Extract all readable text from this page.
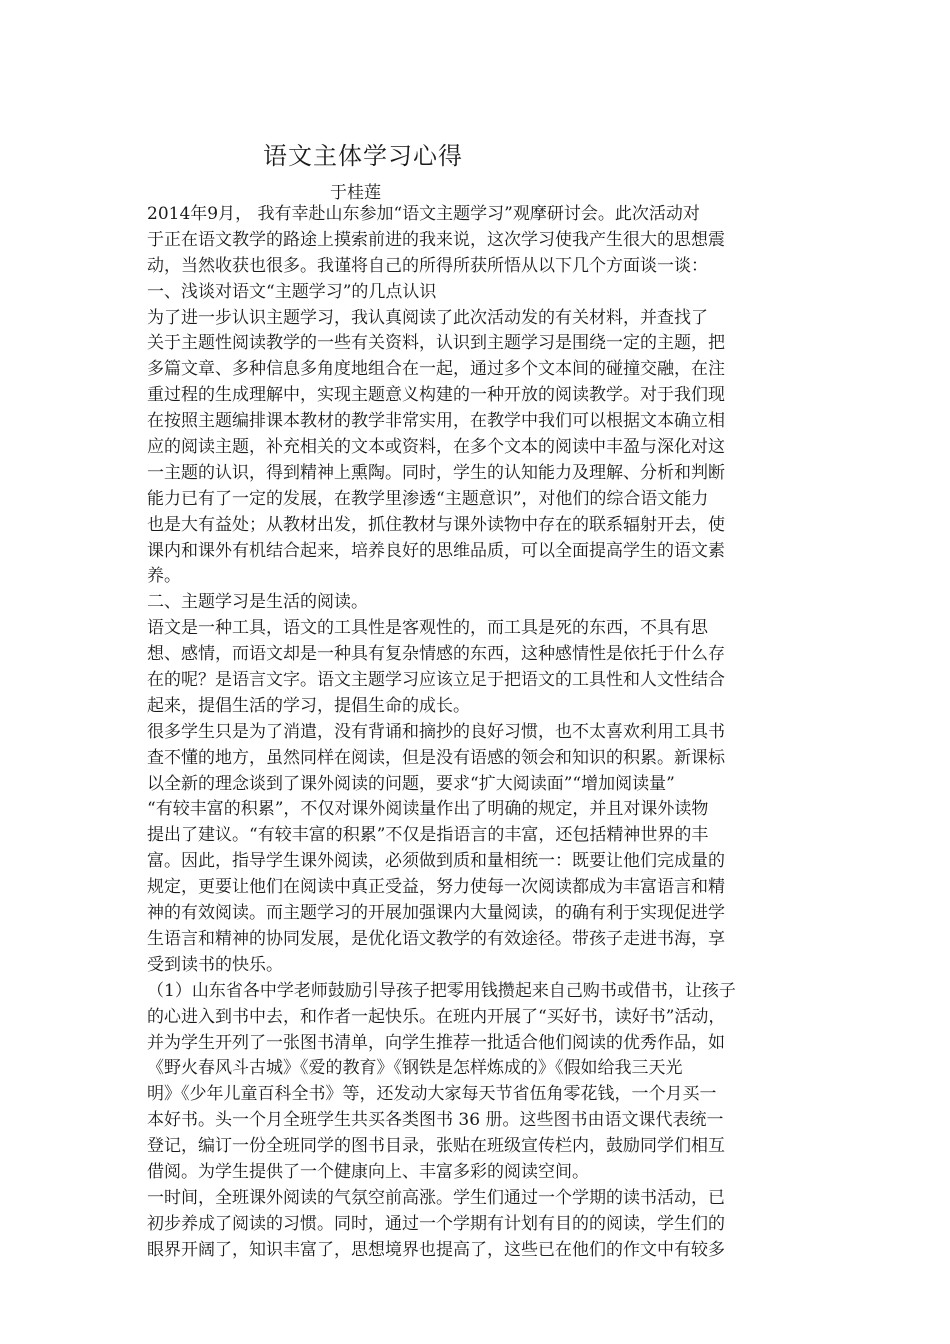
语文主体学习心得
于桂莲
2014年9月， 我有幸赴山东参加“语文主题学习”观摩研讨会。此次活动对
于正在语文教学的路途上摸索前进的我来说，这次学习使我产生很大的思想震
动，当然收获也很多。我谨将自己的所得所获所悟从以下几个方面谈一谈：
一、浅谈对语文“主题学习”的几点认识
为了进一步认识主题学习，我认真阅读了此次活动发的有关材料，并查找了
关于主题性阅读教学的一些有关资料，认识到主题学习是围绕一定的主题，把
多篇文章、多种信息多角度地组合在一起，通过多个文本间的碰撞交融，在注
重过程的生成理解中，实现主题意义构建的一种开放的阅读教学。对于我们现
在按照主题编排课本教材的教学非常实用，在教学中我们可以根据文本确立相
应的阅读主题，补充相关的文本或资料，在多个文本的阅读中丰盈与深化对这
一主题的认识，得到精神上熏陶。同时，学生的认知能力及理解、分析和判断
能力已有了一定的发展，在教学里渗透“主题意识”，对他们的综合语文能力
也是大有益处；从教材出发，抓住教材与课外读物中存在的联系辐射开去，使
课内和课外有机结合起来，培养良好的思维品质，可以全面提高学生的语文素
养。
二、主题学习是生活的阅读。
语文是一种工具，语文的工具性是客观性的，而工具是死的东西，不具有思
想、感情，而语文却是一种具有复杂情感的东西，这种感情性是依托于什么存
在的呢？是语言文字。语文主题学习应该立足于把语文的工具性和人文性结合
起来，提倡生活的学习，提倡生命的成长。
很多学生只是为了消遣，没有背诵和摘抄的良好习惯，也不太喜欢利用工具书
查不懂的地方，虽然同样在阅读，但是没有语感的领会和知识的积累。新课标
以全新的理念谈到了课外阅读的问题，要求“扩大阅读面”“增加阅读量”
“有较丰富的积累”，不仅对课外阅读量作出了明确的规定，并且对课外读物
提出了建议。“有较丰富的积累”不仅是指语言的丰富，还包括精神世界的丰
富。因此，指导学生课外阅读，必须做到质和量相统一：既要让他们完成量的
规定，更要让他们在阅读中真正受益，努力使每一次阅读都成为丰富语言和精
神的有效阅读。而主题学习的开展加强课内大量阅读，的确有利于实现促进学
生语言和精神的协同发展，是优化语文教学的有效途径。带孩子走进书海，享
受到读书的快乐。
（1）山东省各中学老师鼓励引导孩子把零用钱攒起来自己购书或借书，让孩子
的心进入到书中去，和作者一起快乐。在班内开展了“买好书，读好书”活动，
并为学生开列了一张图书清单，向学生推荐一批适合他们阅读的优秀作品，如
《野火春风斗古城》《爱的教育》《钢铁是怎样炼成的》《假如给我三天光
明》《少年儿童百科全书》等，还发动大家每天节省伍角零花钱，一个月买一
本好书。头一个月全班学生共买各类图书 36 册。这些图书由语文课代表统一
登记，编订一份全班同学的图书目录，张贴在班级宣传栏内，鼓励同学们相互
借阅。为学生提供了一个健康向上、丰富多彩的阅读空间。
一时间，全班课外阅读的气氛空前高涨。学生们通过一个学期的读书活动，已
初步养成了阅读的习惯。同时，通过一个学期有计划有目的的阅读，学生们的
眼界开阔了，知识丰富了，思想境界也提高了，这些已在他们的作文中有较多
